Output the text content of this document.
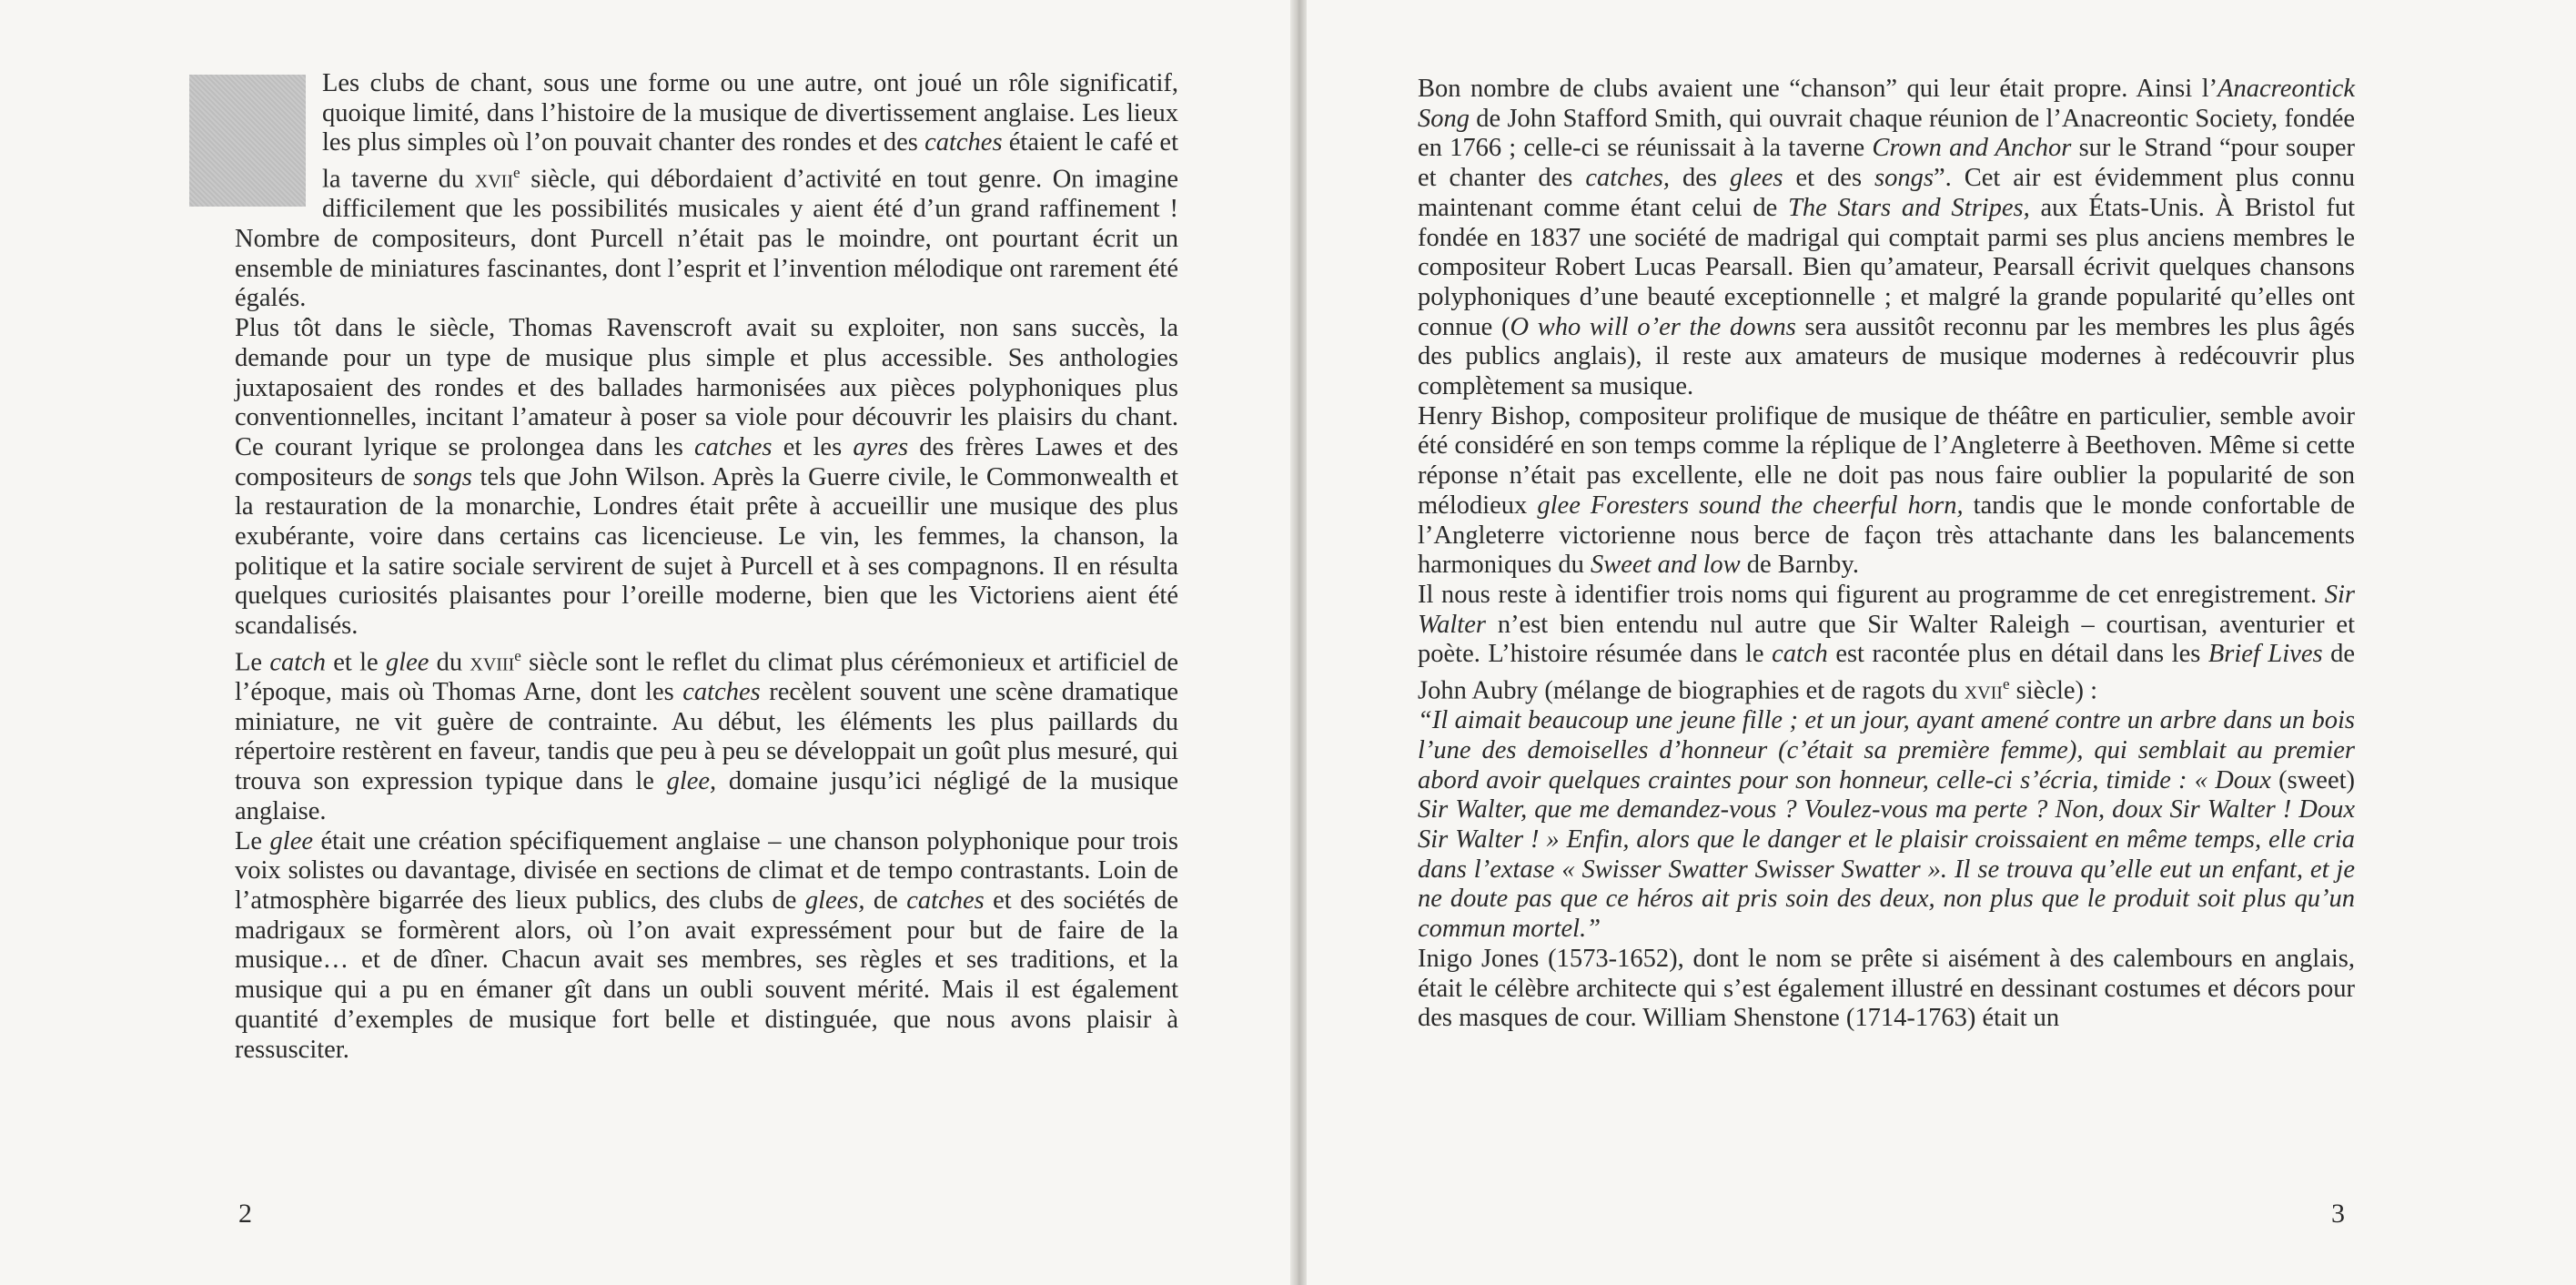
Les clubs de chant, sous une forme ou une autre, ont joué un rôle significatif, quoique limité, dans l’histoire de la musique de divertissement anglaise. Les lieux les plus simples où l’on pouvait chanter des rondes et des catches étaient le café et la taverne du xvii$^e$ siècle, qui débordaient d’activité en tout genre. On imagine difficilement que les possibilités musicales y aient été d’un grand raffinement ! Nombre de compositeurs, dont Purcell n’était pas le moindre, ont pourtant écrit un ensemble de miniatures fascinantes, dont l’esprit et l’invention mélodique ont rarement été égalés.

Plus tôt dans le siècle, Thomas Ravenscroft avait su exploiter, non sans succès, la demande pour un type de musique plus simple et plus accessible. Ses anthologies juxtaposaient des rondes et des ballades harmonisées aux pièces polyphoniques plus conventionnelles, incitant l’amateur à poser sa viole pour découvrir les plaisirs du chant. Ce courant lyrique se prolongea dans les catches et les ayres des frères Lawes et des compositeurs de songs tels que John Wilson. Après la Guerre civile, le Commonwealth et la restauration de la monarchie, Londres était prête à accueillir une musique des plus exubérante, voire dans certains cas licencieuse. Le vin, les femmes, la chanson, la politique et la satire sociale servirent de sujet à Purcell et à ses compagnons. Il en résulta quelques curiosités plaisantes pour l’oreille moderne, bien que les Victoriens aient été scandalisés.

Le catch et le glee du xviii$^e$ siècle sont le reflet du climat plus cérémonieux et artificiel de l’époque, mais où Thomas Arne, dont les catches recèlent souvent une scène dramatique miniature, ne vit guère de contrainte. Au début, les éléments les plus paillards du répertoire restèrent en faveur, tandis que peu à peu se développait un goût plus mesuré, qui trouva son expression typique dans le glee, domaine jusqu’ici négligé de la musique anglaise.

Le glee était une création spécifiquement anglaise – une chanson polyphonique pour trois voix solistes ou davantage, divisée en sections de climat et de tempo contrastants. Loin de l’atmosphère bigarrée des lieux publics, des clubs de glees, de catches et des sociétés de madrigaux se formèrent alors, où l’on avait expressément pour but de faire de la musique… et de dîner. Chacun avait ses membres, ses règles et ses traditions, et la musique qui a pu en émaner gît dans un oubli souvent mérité. Mais il est également quantité d’exemples de musique fort belle et distinguée, que nous avons plaisir à ressusciter.

Bon nombre de clubs avaient une “chanson” qui leur était propre. Ainsi l’Anacreontick Song de John Stafford Smith, qui ouvrait chaque réunion de l’Anacreontic Society, fondée en 1766 ; celle-ci se réunissait à la taverne Crown and Anchor sur le Strand “pour souper et chanter des catches, des glees et des songs”. Cet air est évidemment plus connu maintenant comme étant celui de The Stars and Stripes, aux États-Unis. À Bristol fut fondée en 1837 une société de madrigal qui comptait parmi ses plus anciens membres le compositeur Robert Lucas Pearsall. Bien qu’amateur, Pearsall écrivit quelques chansons polyphoniques d’une beauté exceptionnelle ; et malgré la grande popularité qu’elles ont connue (O who will o’er the downs sera aussitôt reconnu par les membres les plus âgés des publics anglais), il reste aux amateurs de musique modernes à redécouvrir plus complètement sa musique.

Henry Bishop, compositeur prolifique de musique de théâtre en particulier, semble avoir été considéré en son temps comme la réplique de l’Angleterre à Beethoven. Même si cette réponse n’était pas excellente, elle ne doit pas nous faire oublier la popularité de son mélodieux glee Foresters sound the cheerful horn, tandis que le monde confortable de l’Angleterre victorienne nous berce de façon très attachante dans les balancements harmoniques du Sweet and low de Barnby.

Il nous reste à identifier trois noms qui figurent au programme de cet enregistrement. Sir Walter n’est bien entendu nul autre que Sir Walter Raleigh – courtisan, aventurier et poète. L’histoire résumée dans le catch est racontée plus en détail dans les Brief Lives de John Aubry (mélange de biographies et de ragots du xvii$^e$ siècle) :

“Il aimait beaucoup une jeune fille ; et un jour, ayant amené contre un arbre dans un bois l’une des demoiselles d’honneur (c’était sa première femme), qui semblait au premier abord avoir quelques craintes pour son honneur, celle-ci s’écria, timide : « Doux (sweet) Sir Walter, que me demandez-vous ? Voulez-vous ma perte ? Non, doux Sir Walter ! Doux Sir Walter ! » Enfin, alors que le danger et le plaisir croissaient en même temps, elle cria dans l’extase « Swisser Swatter Swisser Swatter ». Il se trouva qu’elle eut un enfant, et je ne doute pas que ce héros ait pris soin des deux, non plus que le produit soit plus qu’un commun mortel.”

Inigo Jones (1573-1652), dont le nom se prête si aisément à des calembours en anglais, était le célèbre architecte qui s’est également illustré en dessinant costumes et décors pour des masques de cour. William Shenstone (1714-1763) était un

2	3
